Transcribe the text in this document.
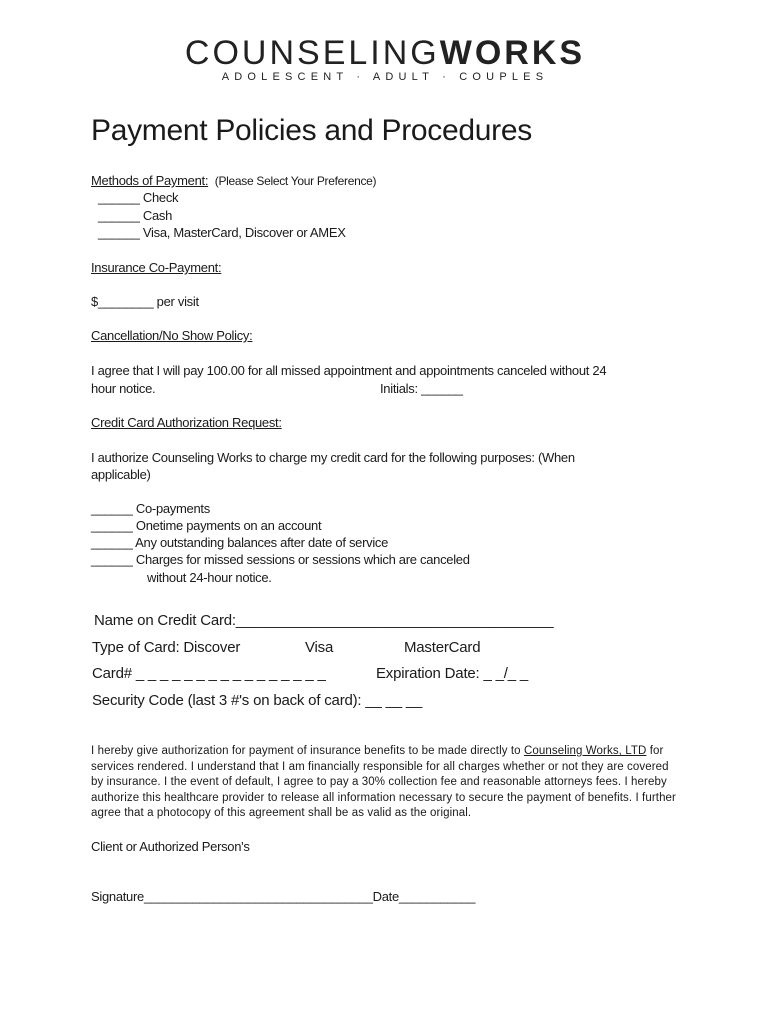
COUNSELINGWORKS
ADOLESCENT · ADULT · COUPLES
Payment Policies and Procedures
Methods of Payment: (Please Select Your Preference)
______ Check
______ Cash
______ Visa, MasterCard, Discover or AMEX
Insurance Co-Payment:
$________ per visit
Cancellation/No Show Policy:
I agree that I will pay 100.00 for all missed appointment and appointments canceled without 24
hour notice.	Initials: ______
Credit Card Authorization Request:
I authorize Counseling Works to charge my credit card for the following purposes: (When
applicable)
______ Co-payments
______ Onetime payments on an account
______ Any outstanding balances after date of service
______ Charges for missed sessions or sessions which are canceled
without 24-hour notice.
Name on Credit Card:_______________________________________
Type of Card: Discover	Visa	MasterCard
Card# _ _ _ _ _ _ _ _ _ _ _ _ _ _ _ _	Expiration Date: _ _/_ _
Security Code (last 3 #'s on back of card): __ __ __
I hereby give authorization for payment of insurance benefits to be made directly to Counseling Works, LTD for services rendered. I understand that I am financially responsible for all charges whether or not they are covered by insurance. I the event of default, I agree to pay a 30% collection fee and reasonable attorneys fees. I hereby authorize this healthcare provider to release all information necessary to secure the payment of benefits. I further agree that a photocopy of this agreement shall be as valid as the original.
Client or Authorized Person's
Signature_________________________________Date___________
